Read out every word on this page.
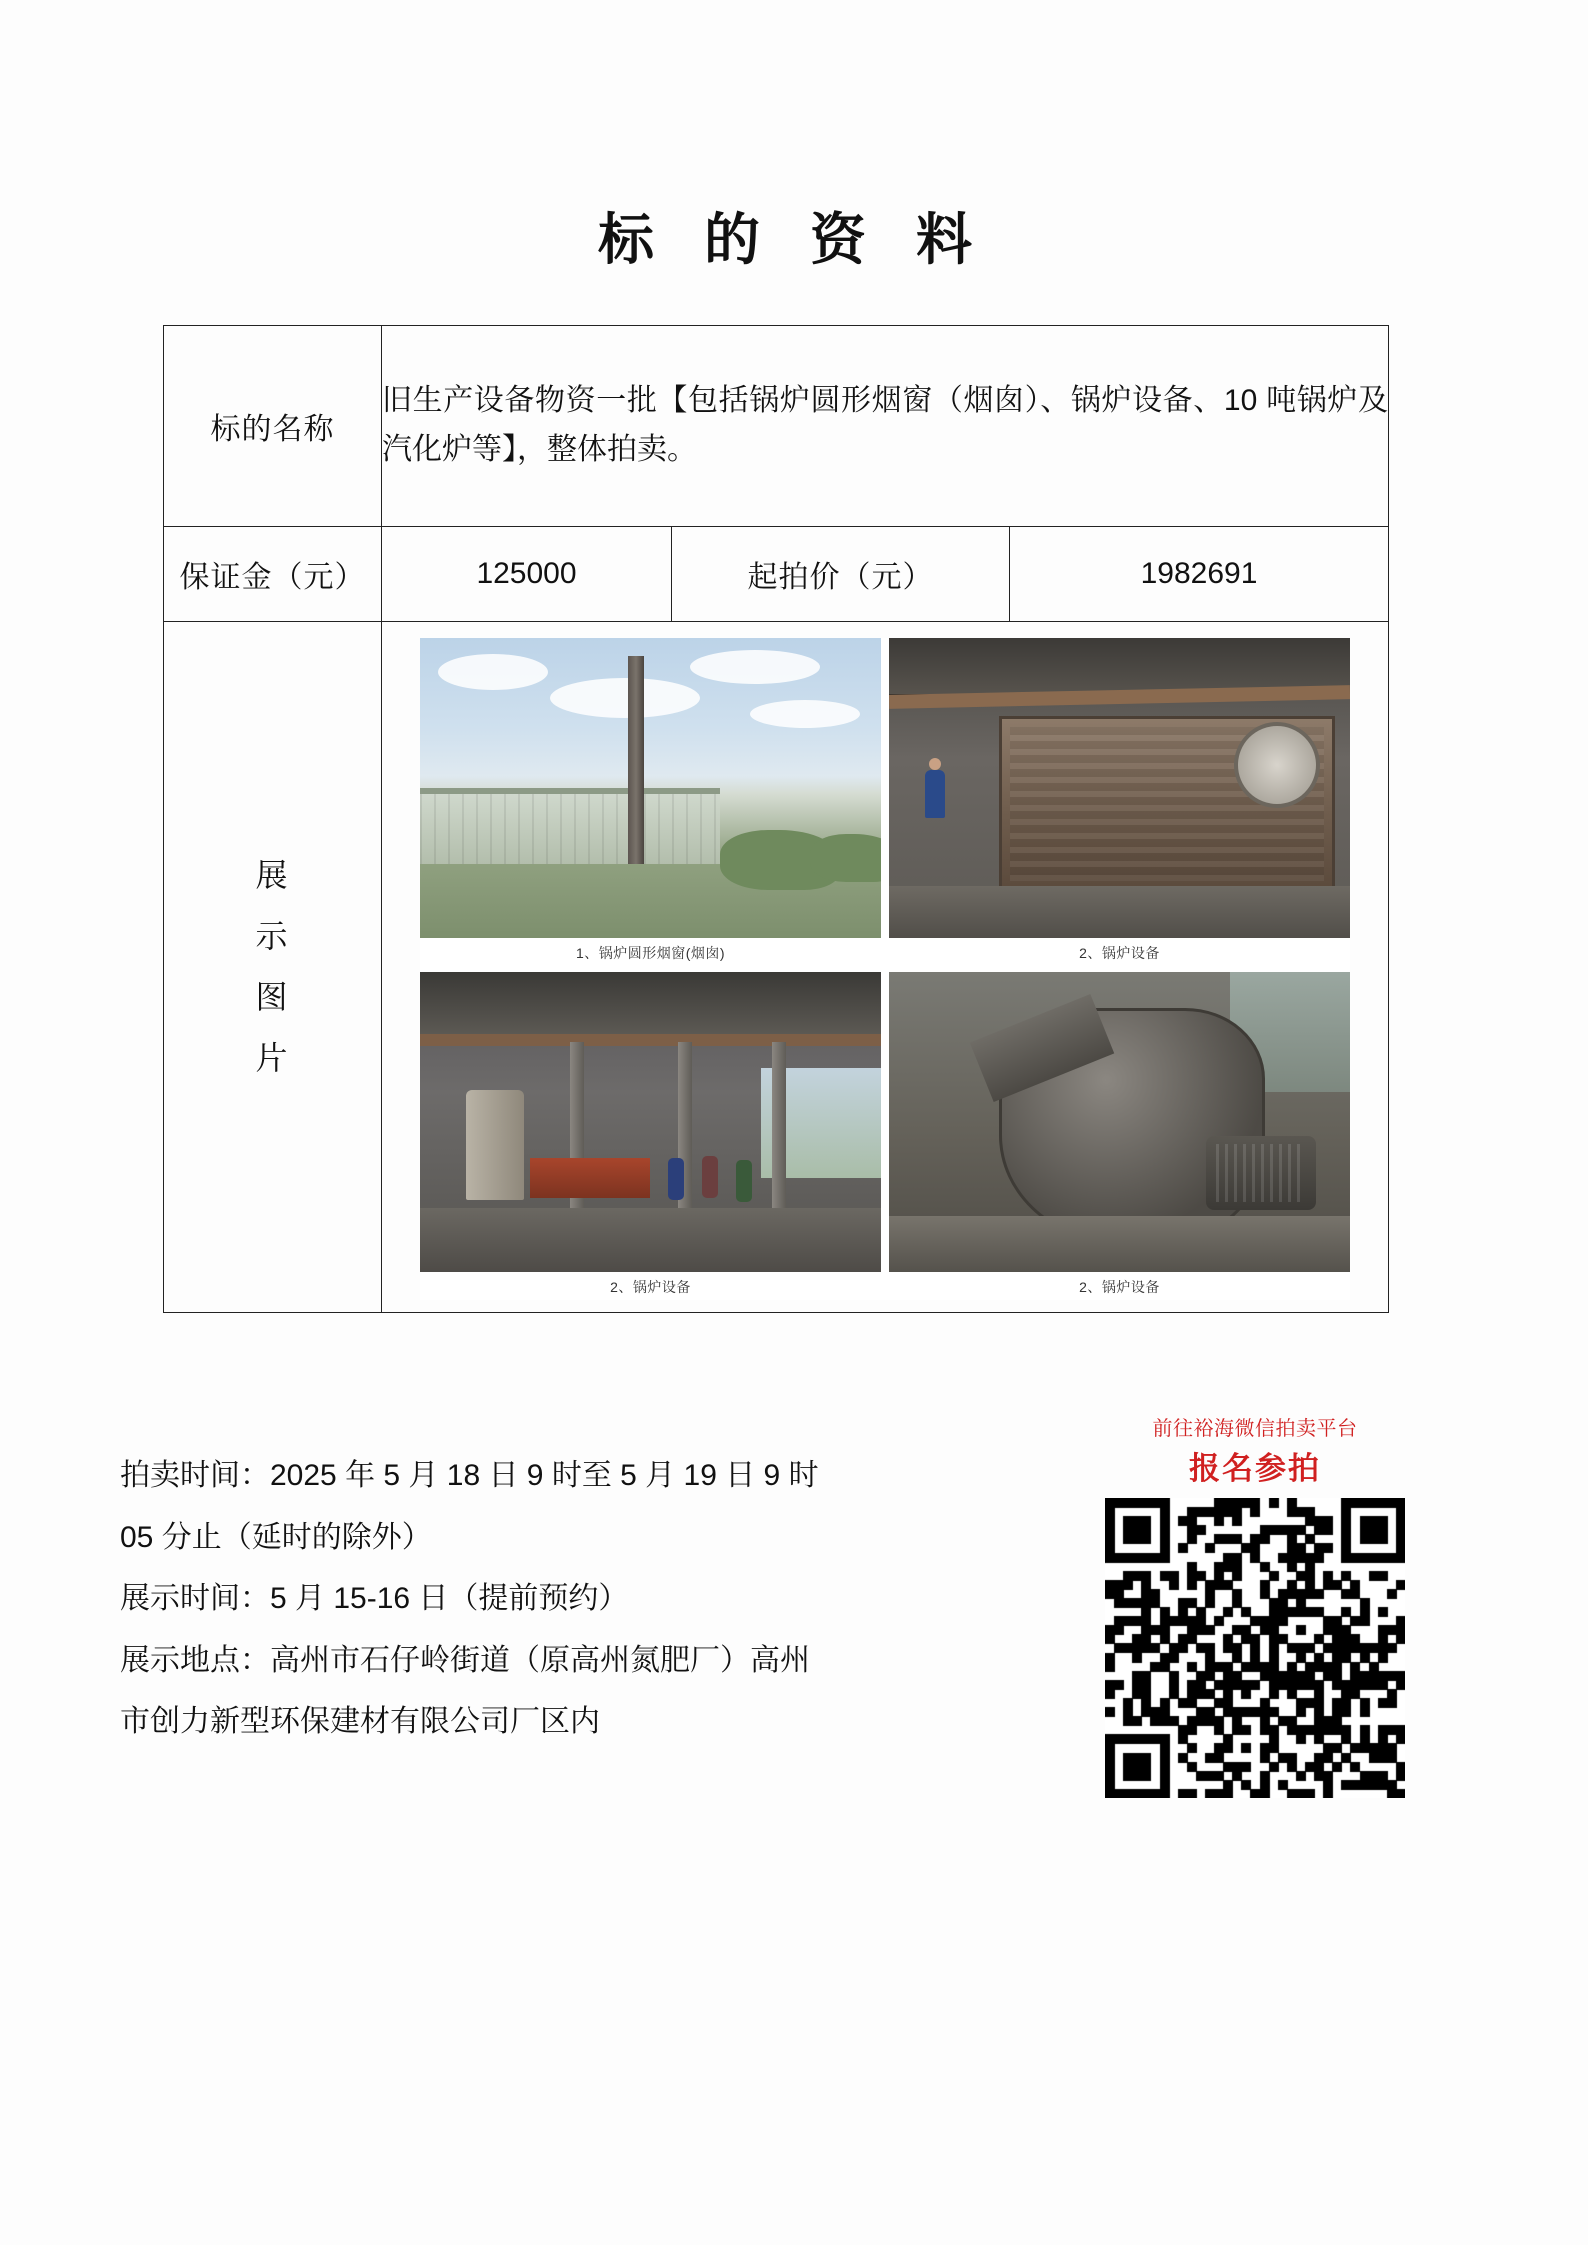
标 的 资 料
标的名称	旧生产设备物资一批【包括锅炉圆形烟窗（烟囱）、锅炉设备、10 吨锅炉及汽化炉等】，整体拍卖。		
保证金（元）	125000	起拍价（元）	1982691

展
示
图
片

1、锅炉圆形烟窗(烟囱)	2、锅炉设备
2、锅炉设备	2、锅炉设备

拍卖时间：2025 年 5 月 18 日 9 时至 5 月 19 日 9 时

05 分止（延时的除外）

展示时间：5 月 15-16 日（提前预约）

展示地点：高州市石仔岭街道（原高州氮肥厂）高州

市创力新型环保建材有限公司厂区内

前往裕海微信拍卖平台
报名参拍
